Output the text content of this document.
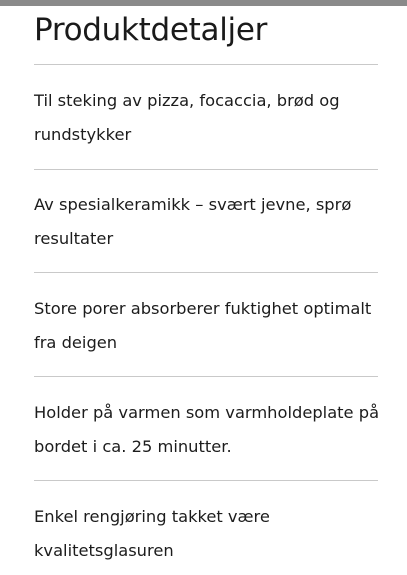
Produktdetaljer
Til steking av pizza, focaccia, brød og rundstykker
Av spesialkeramikk – svært jevne, sprø resultater
Store porer absorberer fuktighet optimalt fra deigen
Holder på varmen som varmholdeplate på bordet i ca. 25 minutter.
Enkel rengjøring takket være kvalitetsglasuren
